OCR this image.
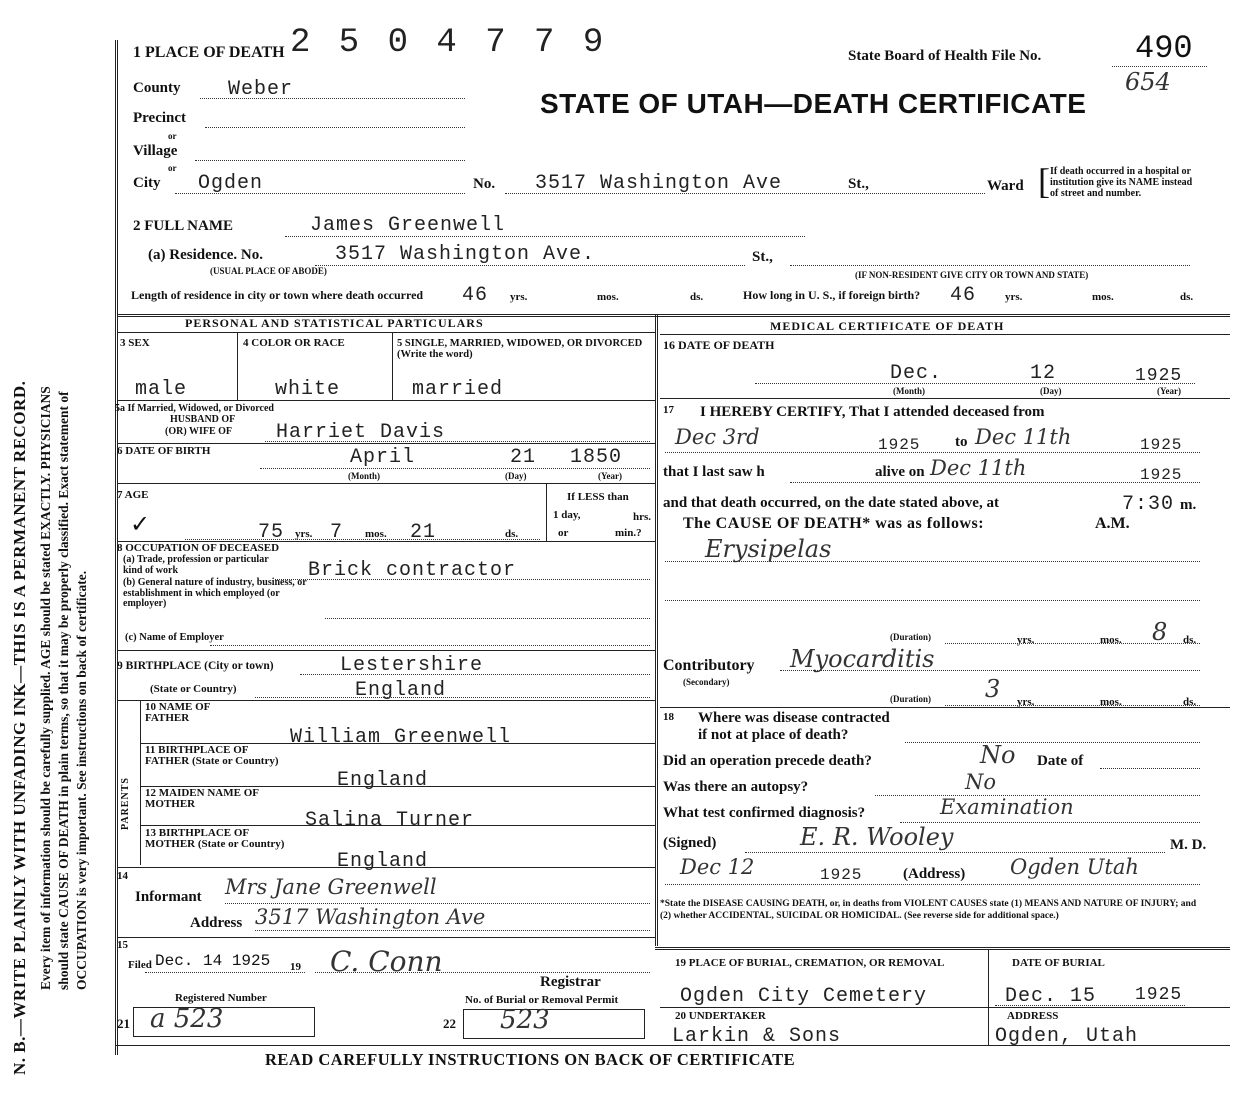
N. B.—WRITE PLAINLY WITH UNFADING INK—THIS IS A PERMANENT RECORD. Every item of information should be carefully supplied. AGE should be stated EXACTLY. PHYSICIANS should state CAUSE OF DEATH in plain terms, so that it may be properly classified. Exact statement of OCCUPATION is very important. See instructions on back of certificate.
1 PLACE OF DEATH 2 5 0 4 7 7 9	State Board of Health File No.	490
654
STATE OF UTAH—DEATH CERTIFICATE
County Weber
Precinct
or
Village
or
City Ogden	No. 3517 Washington Ave	St.,	Ward [ If death occurred in a hospital or institution give its NAME instead of street and number.
2 FULL NAME	James Greenwell
(a) Residence. No.	3517 Washington Ave.	St.,
(USUAL PLACE OF ABODE)	(IF NON-RESIDENT GIVE CITY OR TOWN AND STATE)
Length of residence in city or town where death occurred 46 yrs.	mos.	ds.	How long in U. S., if foreign birth? 46	yrs.	mos.	ds.
PERSONAL AND STATISTICAL PARTICULARS	MEDICAL CERTIFICATE OF DEATH
3 SEX
male
4 COLOR OR RACE
white
5 SINGLE, MARRIED, WIDOWED, OR DIVORCED (Write the word)
married
5a If Married, Widowed, or Divorced
HUSBAND OF
(OR) WIFE OF Harriet Davis
6 DATE OF BIRTH	April	21 1850
(Month)	(Day)	(Year)
7 AGE
✓	75 yrs. 7 mos. 21	ds.
If LESS than
1 day,	hrs.
or	min.?
8 OCCUPATION OF DECEASED
(a) Trade, profession or particular kind of work
(b) General nature of industry, business, or establishment in which employed (or employer)
Brick contractor
(c) Name of Employer
9 BIRTHPLACE (City or town)	Lestershire
(State or Country)	England
PARENTS
10 NAME OF FATHER
William Greenwell
11 BIRTHPLACE OF FATHER (State or Country)
England
12 MAIDEN NAME OF MOTHER
Salina Turner
13 BIRTHPLACE OF MOTHER (State or Country)
England
14
Informant Mrs Jane Greenwell
Address 3517 Washington Ave
15
Filed Dec. 14 1925 19 C. Conn
Registrar
Registered Number	No. of Burial or Removal Permit
21 a 523	22 523
16 DATE OF DEATH
Dec.	12	1925
(Month)	(Day)	(Year)
17 I HEREBY CERTIFY, That I attended deceased from
Dec 3rd	1925 to Dec 11th	1925
that I last saw h	alive on Dec 11th	1925
and that death occurred, on the date stated above, at	7:30 m.
The CAUSE OF DEATH* was as follows:	A.M.
Erysipelas
(Duration)	yrs.	mos. 8 ds.
Contributory Myocarditis
(Secondary)
(Duration) 3 yrs.	mos.	ds.
18 Where was disease contracted
if not at place of death?
Did an operation precede death?	No Date of
Was there an autopsy?	No
What test confirmed diagnosis?	Examination
(Signed)	E. R. Wooley	M. D.
Dec 12	1925	(Address) Ogden Utah
*State the DISEASE CAUSING DEATH, or, in deaths from VIOLENT CAUSES state (1) MEANS AND NATURE OF INJURY; and (2) whether ACCIDENTAL, SUICIDAL OR HOMICIDAL. (See reverse side for additional space.)
19 PLACE OF BURIAL, CREMATION, OR REMOVAL
Ogden City Cemetery
DATE OF BURIAL
Dec. 15 1925
20 UNDERTAKER
Larkin & Sons
ADDRESS
Ogden, Utah
READ CAREFULLY INSTRUCTIONS ON BACK OF CERTIFICATE
